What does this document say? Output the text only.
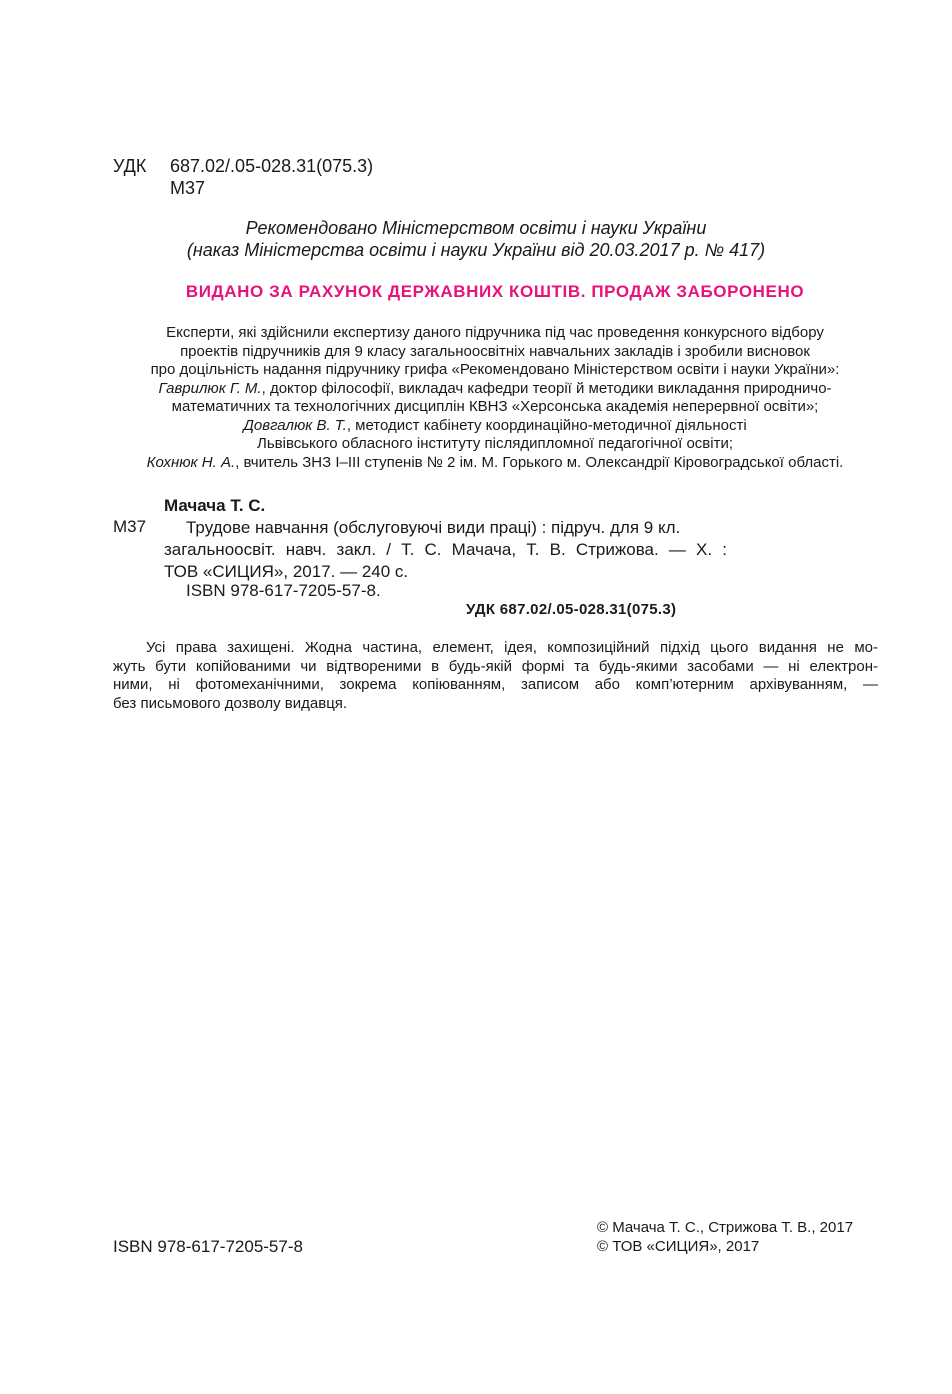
УДК 687.02/.05-028.31(075.3)
М37
Рекомендовано Міністерством освіти і науки України
(наказ Міністерства освіти і науки України від 20.03.2017 р. № 417)
ВИДАНО ЗА РАХУНОК ДЕРЖАВНИХ КОШТІВ. ПРОДАЖ ЗАБОРОНЕНО
Експерти, які здійснили експертизу даного підручника під час проведення конкурсного відбору
проектів підручників для 9 класу загальноосвітніх навчальних закладів і зробили висновок
про доцільність надання підручнику грифа «Рекомендовано Міністерством освіти і науки України»:
Гаврилюк Г. М., доктор філософії, викладач кафедри теорії й методики викладання природничо-
математичних та технологічних дисциплін КВНЗ «Херсонська академія неперервної освіти»;
Довгалюк В. Т., методист кабінету координаційно-методичної діяльності
Львівського обласного інституту післядипломної педагогічної освіти;
Кохнюк Н. А., вчитель ЗНЗ І–ІІІ ступенів № 2 ім. М. Горького м. Олександрії Кіровоградської області.
Мачача Т. С.
М37	Трудове навчання (обслуговуючі види праці) : підруч. для 9 кл.
загальноосвіт. навч. закл. / Т. С. Мачача, Т. В. Стрижова. — Х. :
ТОВ «СИЦИЯ», 2017. — 240 с.
ISBN 978-617-7205-57-8.
УДК 687.02/.05-028.31(075.3)
Усі права захищені. Жодна частина, елемент, ідея, композиційний підхід цього видання не мо-
жуть бути копійованими чи відтвореними в будь-якій формі та будь-якими засобами — ні електрон-
ними, ні фотомеханічними, зокрема копіюванням, записом або комп’ютерним архівуванням, —
без письмового дозволу видавця.
ISBN 978-617-7205-57-8
© Мачача Т. С., Стрижова Т. В., 2017
© ТОВ «СИЦИЯ», 2017
